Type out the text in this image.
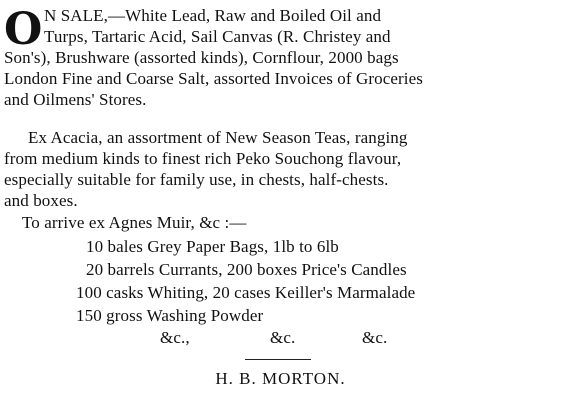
O N SALE,—White Lead, Raw and Boiled Oil and
Turps, Tartaric Acid, Sail Canvas (R. Christey and
Son's), Brushware (assorted kinds), Cornflour, 2000 bags
London Fine and Coarse Salt, assorted Invoices of Groceries
and Oilmens' Stores.
Ex Acacia, an assortment of New Season Teas, ranging
from medium kinds to finest rich Peko Souchong flavour,
especially suitable for family use, in chests, half-chests.
and boxes.
To arrive ex Agnes Muir, &c :—
10 bales Grey Paper Bags, 1lb to 6lb
20 barrels Currants, 200 boxes Price's Candles
100 casks Whiting, 20 cases Keiller's Marmalade
150 gross Washing Powder
&c.,	&c.	&c.
H. B. MORTON.
